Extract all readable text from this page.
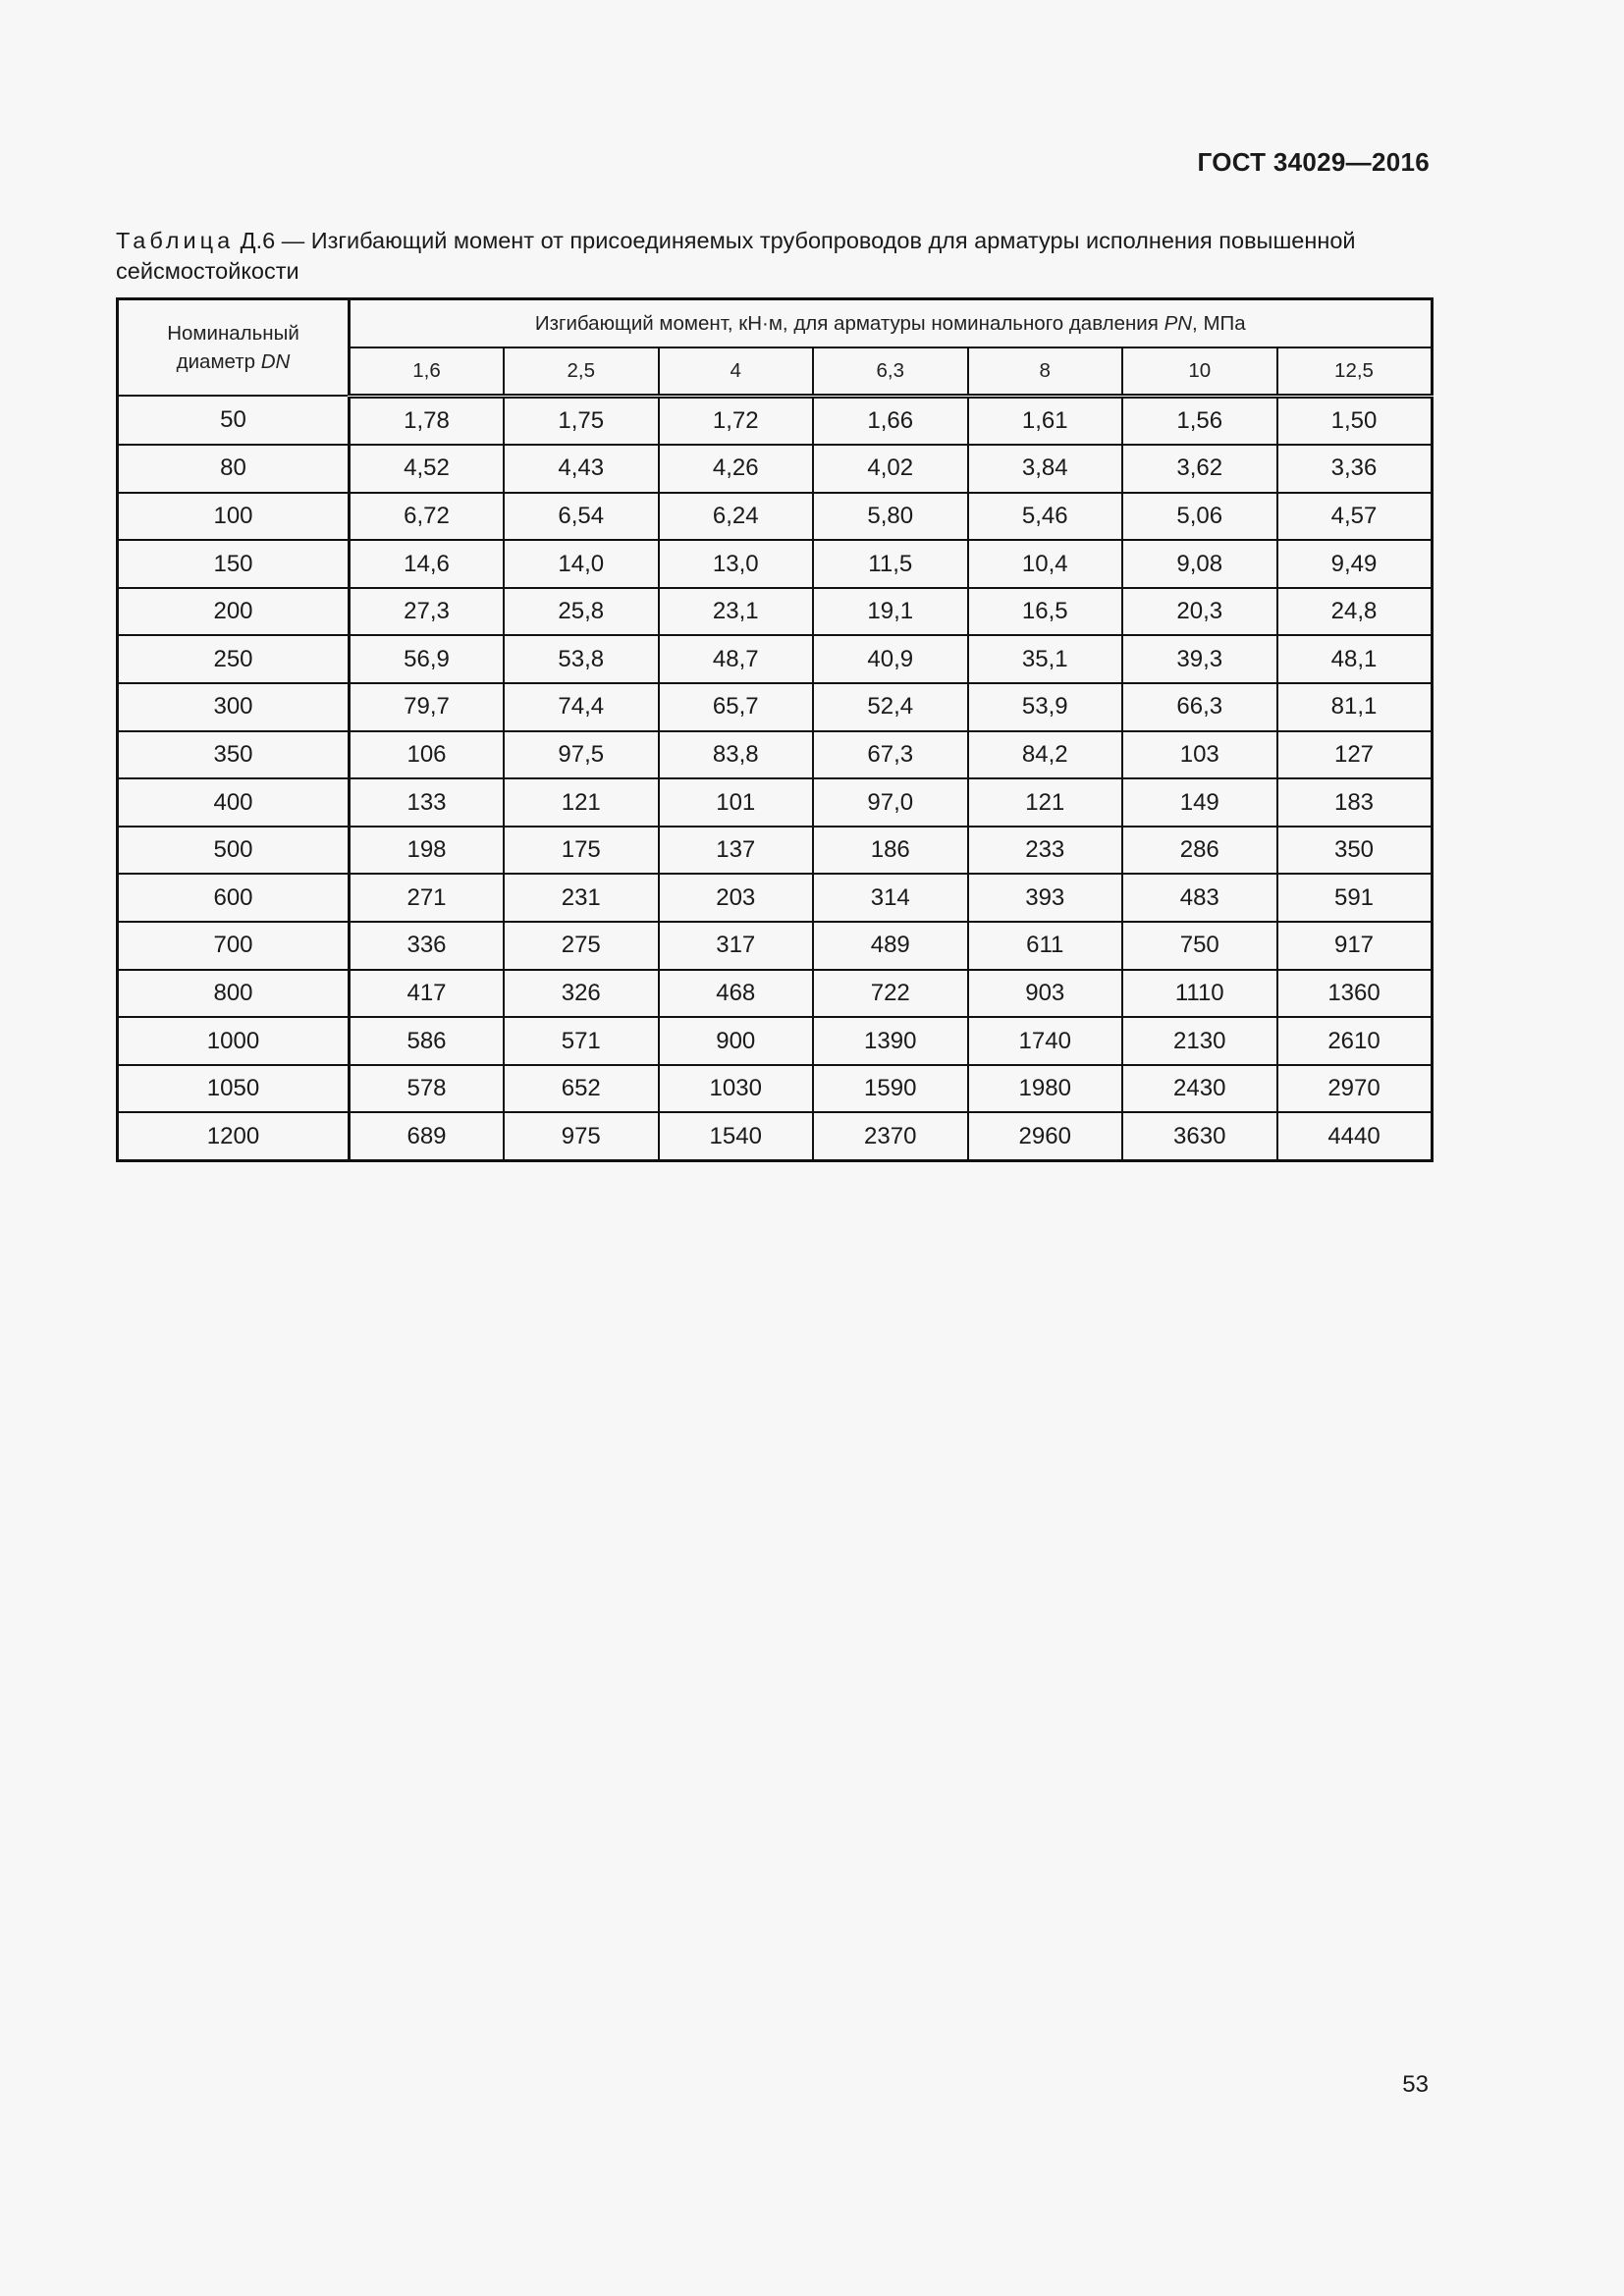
ГОСТ 34029—2016
Таблица Д.6 — Изгибающий момент от присоединяемых трубопроводов для арматуры исполнения повышенной сейсмостойкости
Номинальный
диаметр DN	Изгибающий момент, кН·м, для арматуры номинального давления PN, МПа						
	1,6	2,5	4	6,3	8	10	12,5
50	1,78	1,75	1,72	1,66	1,61	1,56	1,50
80	4,52	4,43	4,26	4,02	3,84	3,62	3,36
100	6,72	6,54	6,24	5,80	5,46	5,06	4,57
150	14,6	14,0	13,0	11,5	10,4	9,08	9,49
200	27,3	25,8	23,1	19,1	16,5	20,3	24,8
250	56,9	53,8	48,7	40,9	35,1	39,3	48,1
300	79,7	74,4	65,7	52,4	53,9	66,3	81,1
350	106	97,5	83,8	67,3	84,2	103	127
400	133	121	101	97,0	121	149	183
500	198	175	137	186	233	286	350
600	271	231	203	314	393	483	591
700	336	275	317	489	611	750	917
800	417	326	468	722	903	1110	1360
1000	586	571	900	1390	1740	2130	2610
1050	578	652	1030	1590	1980	2430	2970
1200	689	975	1540	2370	2960	3630	4440
53
